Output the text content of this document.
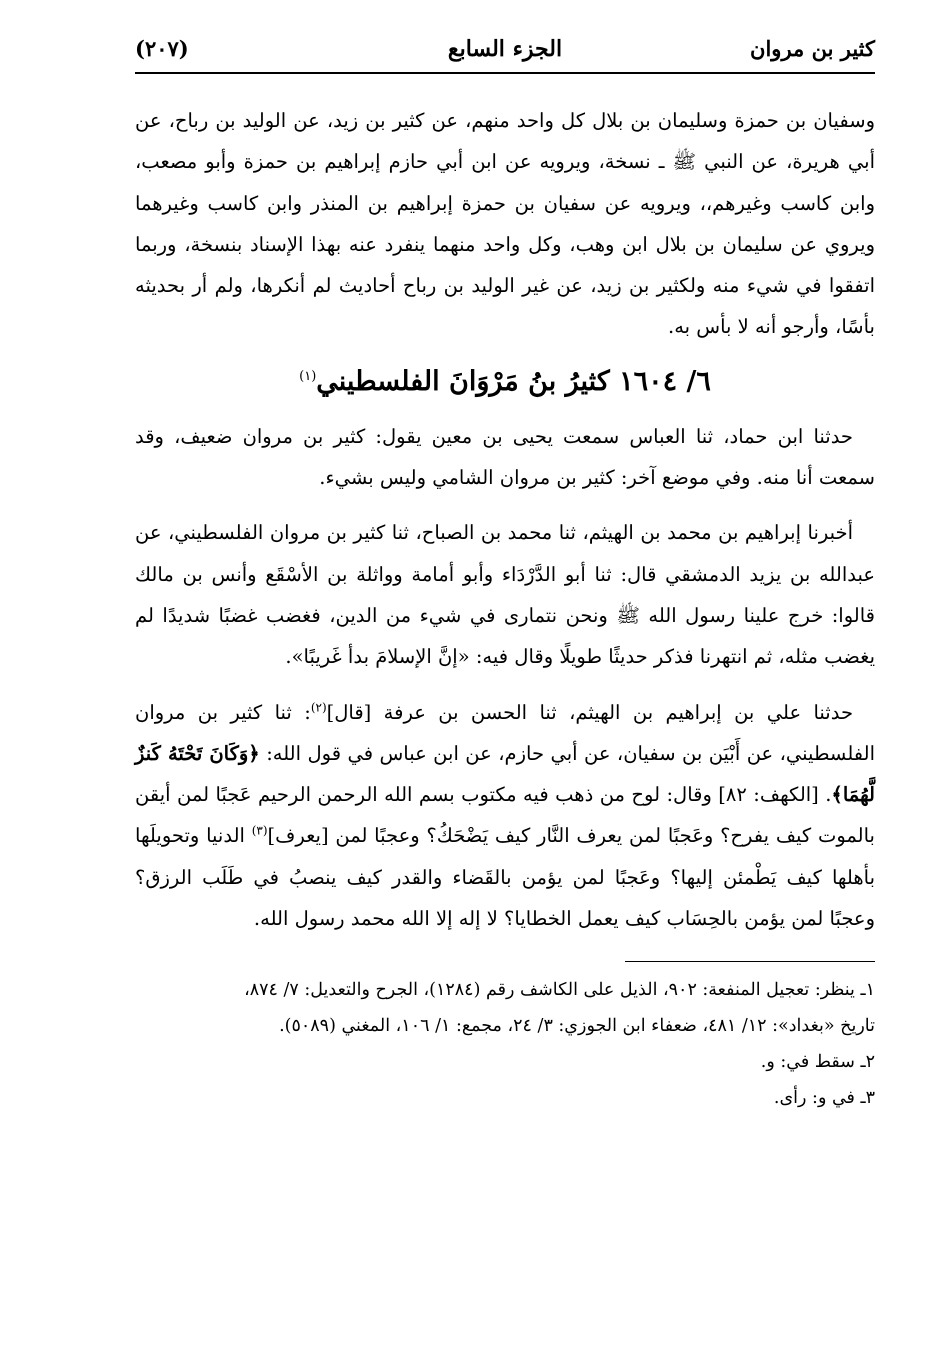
كثير بن مروان
الجزء السابع
(٢٠٧)

وسفيان بن حمزة وسليمان بن بلال كل واحد منهم، عن كثير بن زيد، عن الوليد بن رباح، عن أبي هريرة، عن النبي ﷺ ـ نسخة، ويرويه عن ابن أبي حازم إبراهيم بن حمزة وأبو مصعب، وابن كاسب وغيرهم،، ويرويه عن سفيان بن حمزة إبراهيم بن المنذر وابن كاسب وغيرهما ويروي عن سليمان بن بلال ابن وهب، وكل واحد منهما ينفرد عنه بهذا الإسناد بنسخة، وربما اتفقوا في شيء منه ولكثير بن زيد، عن غير الوليد بن رباح أحاديث لم أنكرها، ولم أر بحديثه بأسًا، وأرجو أنه لا بأس به.

٦/ ١٦٠٤ كثيرُ بنُ مَرْوَانَ الفلسطيني$^{(١)}$

حدثنا ابن حماد، ثنا العباس سمعت يحيى بن معين يقول: كثير بن مروان ضعيف، وقد سمعت أنا منه. وفي موضع آخر: كثير بن مروان الشامي وليس بشيء.

أخبرنا إبراهيم بن محمد بن الهيثم، ثنا محمد بن الصباح، ثنا كثير بن مروان الفلسطيني، عن عبدالله بن يزيد الدمشقي قال: ثنا أبو الدَّرْدَاء وأبو أمامة وواثلة بن الأسْقَع وأنس بن مالك قالوا: خرج علينا رسول الله ﷺ ونحن نتمارى في شيء من الدين، فغضب غضبًا شديدًا لم يغضب مثله، ثم انتهرنا فذكر حديثًا طويلًا وقال فيه: «إنَّ الإسلامَ بدأ غَريبًا».

حدثنا علي بن إبراهيم بن الهيثم، ثنا الحسن بن عرفة [قال]$^{(٢)}$: ثنا كثير بن مروان الفلسطيني، عن أَبْيَن بن سفيان، عن أبي حازم، عن ابن عباس في قول الله: ﴿وَكَانَ تَحْتَهُ كَنزٌ لَّهُمَا﴾. [الكهف: ٨٢] وقال: لوح من ذهب فيه مكتوب بسم الله الرحمن الرحيم عَجبًا لمن أيقن بالموت كيف يفرح؟ وعَجبًا لمن يعرف النَّار كيف يَضْحَكُ؟ وعجبًا لمن [يعرف]$^{(٣)}$ الدنيا وتحويلَها بأهلها كيف يَطْمئن إليها؟ وعَجبًا لمن يؤمن بالقَضاء والقدر كيف ينصبُ في طَلَب الرزق؟ وعجبًا لمن يؤمن بالحِسَاب كيف يعمل الخطايا؟ لا إله إلا الله محمد رسول الله.

١ـ ينظر: تعجيل المنفعة: ٩٠٢، الذيل على الكاشف رقم (١٢٨٤)، الجرح والتعديل: ٧/ ٨٧٤،

تاريخ «بغداد»: ١٢/ ٤٨١، ضعفاء ابن الجوزي: ٣/ ٢٤، مجمع: ١/ ١٠٦، المغني (٥٠٨٩).

٢ـ سقط في: و.

٣ـ في و: رأى.
